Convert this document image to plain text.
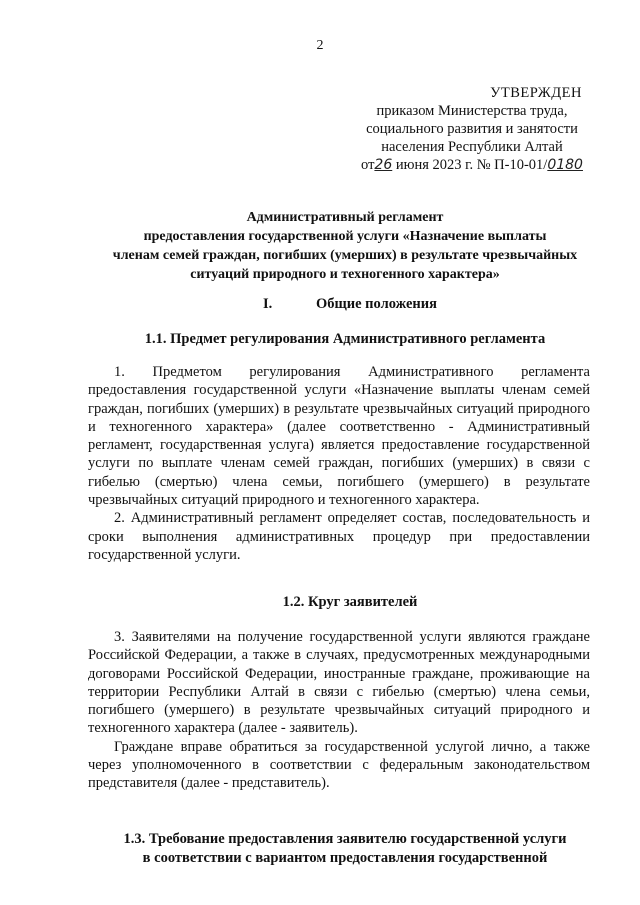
2
УТВЕРЖДЕН
приказом Министерства труда,
социального развития и занятости
населения Республики Алтай
от26 июня 2023 г. № П-10-01/0180
Административный регламент
предоставления государственной услуги «Назначение выплаты
членам семей граждан, погибших (умерших) в результате чрезвычайных
ситуаций природного и техногенного характера»
I.	Общие положения
1.1. Предмет регулирования Административного регламента

1. Предметом регулирования Административного регламента предоставления государственной услуги «Назначение выплаты членам семей граждан, погибших (умерших) в результате чрезвычайных ситуаций природного и техногенного характера» (далее соответственно - Административный регламент, государственная услуга) является предоставление государственной услуги по выплате членам семей граждан, погибших (умерших) в связи с гибелью (смертью) члена семьи, погибшего (умершего) в результате чрезвычайных ситуаций природного и техногенного характера.

2. Административный регламент определяет состав, последовательность и сроки выполнения административных процедур при предоставлении государственной услуги.

1.2. Круг заявителей

3. Заявителями на получение государственной услуги являются граждане Российской Федерации, а также в случаях, предусмотренных международными договорами Российской Федерации, иностранные граждане, проживающие на территории Республики Алтай в связи с гибелью (смертью) члена семьи, погибшего (умершего) в результате чрезвычайных ситуаций природного и техногенного характера (далее - заявитель).

Граждане вправе обратиться за государственной услугой лично, а также через уполномоченного в соответствии с федеральным законодательством представителя (далее - представитель).

1.3. Требование предоставления заявителю государственной услуги
в соответствии с вариантом предоставления государственной
